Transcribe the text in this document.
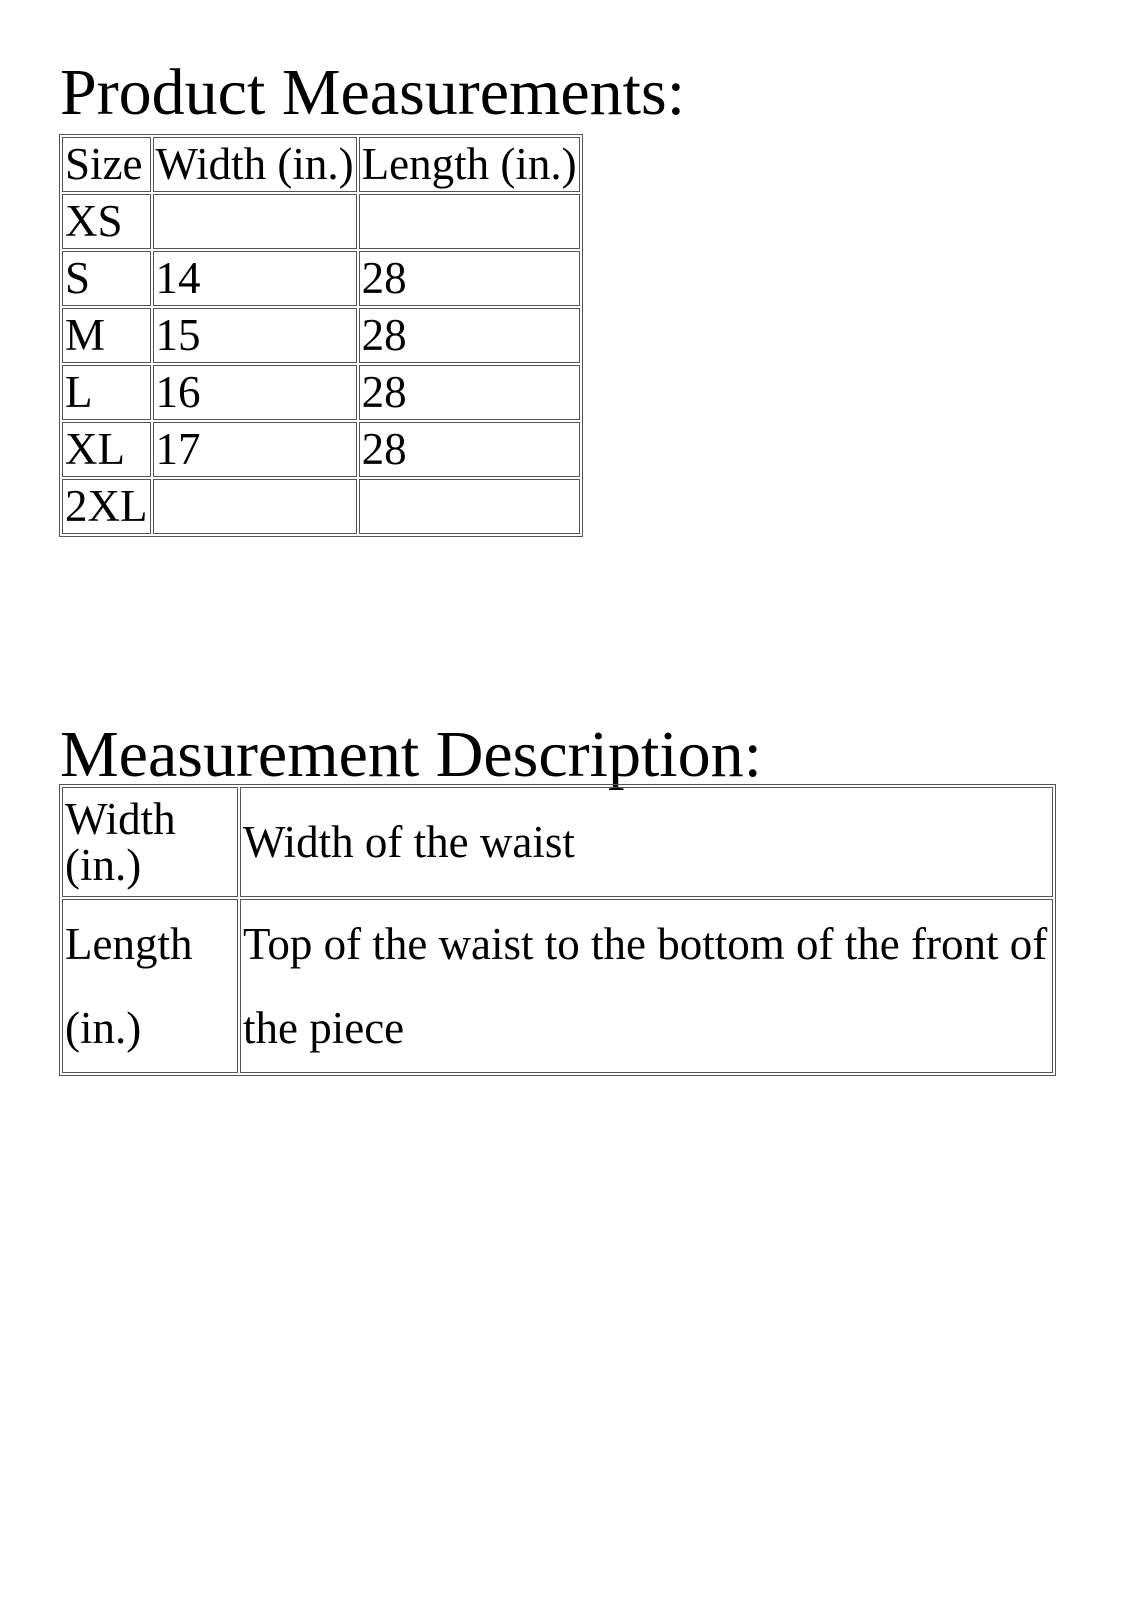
Product Measurements:
Size	Width (in.)	Length (in.)
XS		
S	14	28
M	15	28
L	16	28
XL	17	28
2XL		
Measurement Description:
Width (in.)	Width of the waist
Length (in.)	Top of the waist to the bottom of the front of the piece
